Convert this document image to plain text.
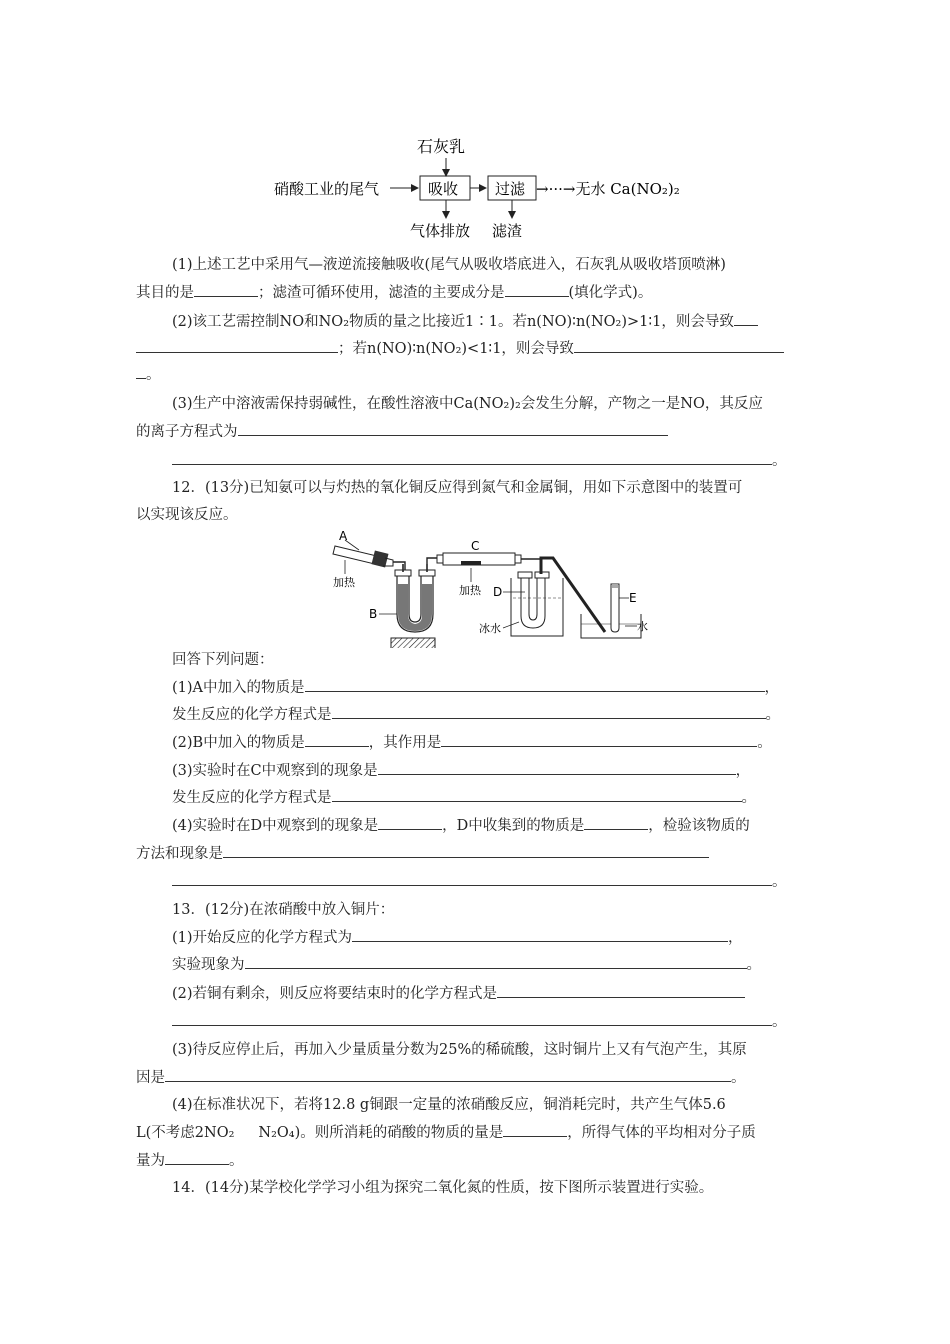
石灰乳
硝酸工业的尾气	吸收 过滤 →···→无水 Ca(NO₂)₂
气体排放 滤渣
(1)上述工艺中采用气—液逆流接触吸收(尾气从吸收塔底进入，石灰乳从吸收塔顶喷淋)
其目的是	；滤渣可循环使用，滤渣的主要成分是	(填化学式)。
(2)该工艺需控制NO和NO₂物质的量之比接近1∶1。若n(NO)∶n(NO₂)>1∶1，则会导致
；若n(NO)∶n(NO₂)<1∶1，则会导致
。
(3)生产中溶液需保持弱碱性，在酸性溶液中Ca(NO₂)₂会发生分解，产物之一是NO，其反应
的离子方程式为
。
12．(13分)已知氨可以与灼热的氧化铜反应得到氮气和金属铜，用如下示意图中的装置可
以实现该反应。
A
加热
B
C
加热 D
冰水
E
水
回答下列问题：
(1)A中加入的物质是	，
发生反应的化学方程式是	。
(2)B中加入的物质是	，其作用是	。
(3)实验时在C中观察到的现象是	，
发生反应的化学方程式是	。
(4)实验时在D中观察到的现象是	，D中收集到的物质是	，检验该物质的
方法和现象是
。
13．(12分)在浓硝酸中放入铜片：
(1)开始反应的化学方程式为	，
实验现象为	。
(2)若铜有剩余，则反应将要结束时的化学方程式是
。
(3)待反应停止后，再加入少量质量分数为25%的稀硫酸，这时铜片上又有气泡产生，其原
因是	。
(4)在标准状况下，若将12.8 g铜跟一定量的浓硝酸反应，铜消耗完时，共产生气体5.6
L(不考虑2NO₂ N₂O₄)。则所消耗的硝酸的物质的量是	，所得气体的平均相对分子质
量为	。
14．(14分)某学校化学学习小组为探究二氧化氮的性质，按下图所示装置进行实验。
